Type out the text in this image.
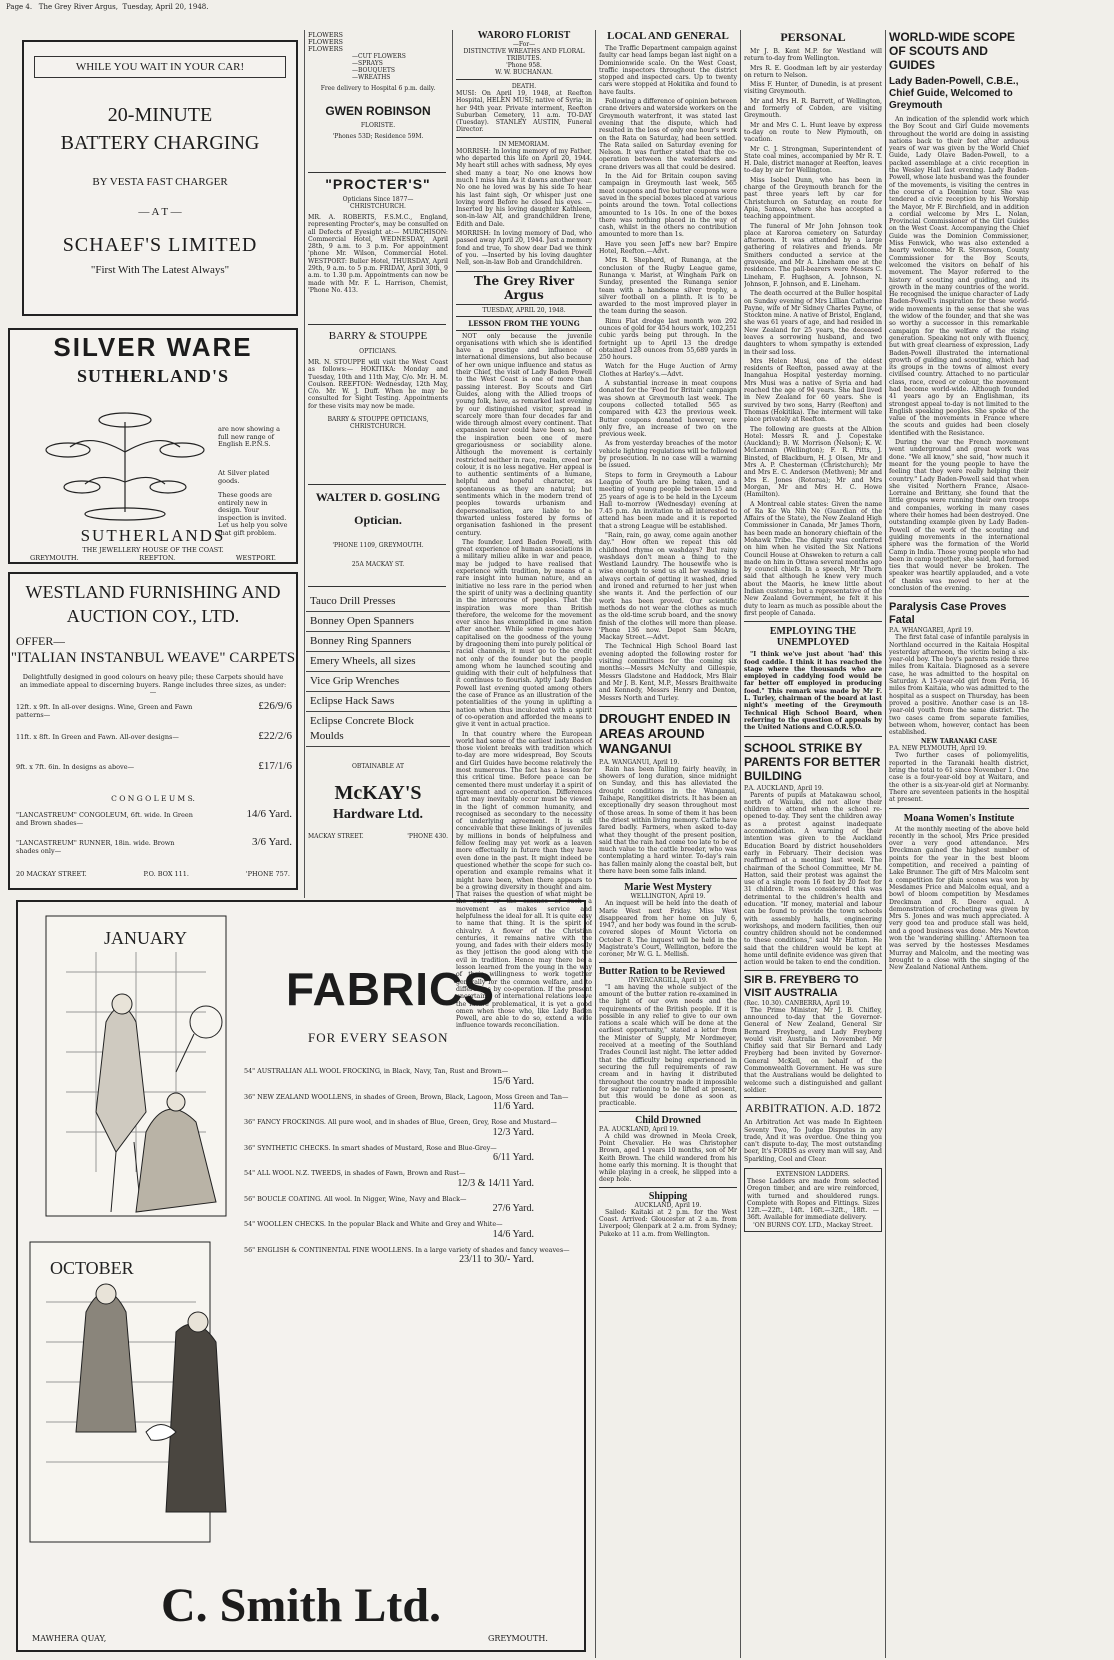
Page 4. The Grey River Argus, Tuesday, April 20, 1948.
WHILE YOU WAIT IN YOUR CAR!
20-MINUTE
BATTERY CHARGING
BY VESTA FAST CHARGER
— A T —
SCHAEF'S LIMITED
"First With The Latest Always"
SILVER WARE
SUTHERLAND'S
are now showing a full new range of English E.P.N.S.
At Silver plated goods.
These goods are entirely new in design. Your inspection is invited. Let us help you solve that gift problem.
SUTHERLANDS
THE JEWELLERY HOUSE OF THE COAST.
GREYMOUTH.	REEFTON.	WESTPORT.
WESTLAND FURNISHING AND
AUCTION COY., LTD.
OFFER—
"ITALIAN INSTANBUL WEAVE" CARPETS
Delightfully designed in good colours on heavy pile; these Carpets should have an immediate appeal to discerning buyers. Range includes three sizes, as under:—
12ft. x 9ft. In all-over designs. Wine, Green and Fawn patterns—
£26/9/6
11ft. x 8ft. In Green and Fawn. All-over designs—	£22/2/6
9ft. x 7ft. 6in. In designs as above—	£17/1/6
C O N G O L E U M S.
"LANCASTREUM" CONGOLEUM, 6ft. wide. In Green and Brown shades—
14/6 Yard.
"LANCASTREUM" RUNNER, 18in. wide. Brown shades only—
3/6 Yard.
20 MACKAY STREET.	P.O. BOX 111.	'PHONE 757.
JANUARY
OCTOBER
FABRICS
FOR EVERY SEASON
54" AUSTRALIAN ALL WOOL FROCKING, in Black, Navy, Tan, Rust and Brown—
15/6 Yard.
36" NEW ZEALAND WOOLLENS, in shades of Green, Brown, Black, Lagoon, Moss Green and Tan—
11/6 Yard.
36" FANCY FROCKINGS. All pure wool, and in shades of Blue, Green, Grey, Rose and Mustard—
12/3 Yard.
36" SYNTHETIC CHECKS. In smart shades of Mustard, Rose and Blue-Grey—
6/11 Yard.
54" ALL WOOL N.Z. TWEEDS, in shades of Fawn, Brown and Rust—
12/3 & 14/11 Yard.
56" BOUCLE COATING. All wool. In Nigger, Wine, Navy and Black—
27/6 Yard.
54" WOOLLEN CHECKS. In the popular Black and White and Grey and White—
14/6 Yard.
56" ENGLISH & CONTINENTAL FINE WOOLLENS. In a large variety of shades and fancy weaves—
23/11 to 30/- Yard.
C. Smith Ltd.
MAWHERA QUAY,	GREYMOUTH.
FLOWERS
FLOWERS
FLOWERS
—CUT FLOWERS
—SPRAYS
—BOUQUETS
—WREATHS
Free delivery to Hospital 6 p.m. daily.
GWEN ROBINSON
FLORISTE.
'Phones 53D; Residence 59M.
"PROCTER'S"
Opticians Since 1877—
CHRISTCHURCH.
MR. A. ROBERTS, F.S.M.C., England, representing Procter's, may be consulted on all Defects of Eyesight at:— MURCHISON: Commercial Hotel, WEDNESDAY, April 28th, 9 a.m. to 3 p.m. For appointment 'phone Mr. Wilson, Commercial Hotel. WESTPORT: Buller Hotel, THURSDAY, April 29th, 9 a.m. to 5 p.m. FRIDAY, April 30th, 9 a.m. to 1.30 p.m. Appointments can now be made with Mr. F. L. Harrison, Chemist, 'Phone No. 413.
BARRY & STOUPPE
OPTICIANS.
MR. N. STOUPPE will visit the West Coast as follows:— HOKITIKA: Monday and Tuesday, 10th and 11th May, C/o. Mr. H. M. Coulson. REEFTON: Wednesday, 12th May, C/o. Mr. W. J. Duff. When he may be consulted for Sight Testing. Appointments for these visits may now be made.
BARRY & STOUPPE OPTICIANS, CHRISTCHURCH.
WALTER D. GOSLING
Optician.
'PHONE 1109, GREYMOUTH.
25A MACKAY ST.
Tauco Drill Presses
Bonney Open Spanners
Bonney Ring Spanners
Emery Wheels, all sizes
Vice Grip Wrenches
Eclipse Hack Saws
Eclipse Concrete Block Moulds
OBTAINABLE AT
McKAY'S
Hardware Ltd.
MACKAY STREET.	'PHONE 430.
WARORO FLORIST
—For—
DISTINCTIVE WREATHS AND FLORAL TRIBUTES.
'Phone 958.
W. W. BUCHANAN.
DEATH.
MUSI: On April 19, 1948, at Reefton Hospital, HELEN MUSI; native of Syria; in her 94th year. Private interment, Reefton Suburban Cemetery, 11 a.m. TO-DAY (Tuesday). STANLEY AUSTIN, Funeral Director.
IN MEMORIAM.
MORRISH: In loving memory of my Father, who departed this life on April 20, 1944. My heart still aches with sadness, My eyes shed many a tear, No one knows how much I miss him As it dawns another year. No one he loved was by his side To hear his last faint sigh, Or whisper just one loving word Before he closed his eyes. —Inserted by his loving daughter Kathleen, son-in-law Alf, and grandchildren Irene, Edith and Dale.
MORRISH: In loving memory of Dad, who passed away April 20, 1944. Just a memory fond and true, To show dear Dad we think of you. —Inserted by his loving daughter Nell, son-in-law Bob and Grandchildren.
The Grey River Argus
TUESDAY, APRIL 20, 1948.
LESSON FROM THE YOUNG
NOT only because the juvenile organisations with which she is identified have a prestige and influence of international dimensions, but also because of her own unique influence and status as their Chief, the visit of Lady Baden Powell to the West Coast is one of more than passing interest. Boy Scouts and Girl Guides, along with the Allied troops of young folk, have, as remarked last evening by our distinguished visitor, spread in scarcely more than four decades far and wide through almost every continent. That expansion never could have been so, had the inspiration been one of mere gregariousness or sociability alone. Although the movement is certainly restricted neither in race, realm, creed nor colour, it is no less negative. Her appeal is to authentic sentiments of a humane, helpful and hopeful character, as spontaneous as they are natural; but sentiments which in the modern trend of peoples towards urbanism and depersonalisation, are liable to be thwarted unless fostered by forms of organisation fashioned in the present century.
The founder, Lord Baden Powell, with great experience of human associations in a military milieu alike in war and peace, may be judged to have realised that experience with tradition, by means of a rare insight into human nature, and an initiative no less rare in the period when the spirit of unity was a declining quantity in the intercourse of peoples. That the inspiration was more than British therefore, the welcome for the movement ever since has exemplified in one nation after another. While some regimes have capitalised on the goodness of the young by dragooning them into purely political or racial channels, it must go to the credit not only of the founder but the people among whom he launched scouting and guiding with their cult of helpfulness that it continues to flourish. Aptly Lady Baden Powell last evening quoted among others the case of France as an illustration of the potentialities of the young in uplifting a nation when thus inculcated with a spirit of co-operation and afforded the means to give it vent in actual practice.
In that country where the European world had some of the earliest instances of those violent breaks with tradition which to-day are more widespread, Boy Scouts and Girl Guides have become relatively the most numerous. The fact has a lesson for this critical time. Before peace can be cemented there must underlay it a spirit of agreement and co-operation. Differences that may inevitably occur must be viewed in the light of common humanity, and recognised as secondary to the necessity of underlying agreement. It is still conceivable that these linkings of juveniles by millions in bonds of helpfulness and fellow feeling may yet work as a leaven more effectually in future than they have even done in the past. It might indeed be questioned whether the scope for such co-operation and example remains what it might have been, when there appears to be a growing diversity in thought and aim. That raises the question of what might be the core or the essence of such a movement as makes service and helpfulness the ideal for all. It is quite easy to name that thing. It is the spirit of chivalry. A flower of the Christian centuries, it remains native with the young, and fades with their elders mostly as they jettison the good along with the evil in tradition. Hence may there be a lesson learned from the young in the way of their willingness to work together generally for the common welfare, and to differences by co-operation. If the present uncertainty of international relations leave the future problematical, it is yet a good omen when those who, like Lady Baden Powell, are able to do so, extend a wide influence towards reconciliation.
LOCAL AND GENERAL
The Traffic Department campaign against faulty car head lamps began last night on a Dominionwide scale. On the West Coast, traffic inspectors throughout the district stopped and inspected cars. Up to twenty cars were stopped at Hokitika and found to have faults.
Following a difference of opinion between crane drivers and waterside workers on the Greymouth waterfront, it was stated last evening that the dispute, which had resulted in the loss of only one hour's work on the Rata on Saturday, had been settled. The Rata sailed on Saturday evening for Nelson. It was further stated that the co-operation between the watersiders and crane drivers was all that could be desired.
In the Aid for Britain coupon saving campaign in Greymouth last week, 565 meat coupons and five butter coupons were saved in the special boxes placed at various points around the town. Total collections amounted to 1s 10s. In one of the boxes there was nothing placed in the way of cash, whilst in the others no contribution amounted to more than 1s.
Have you seen Jeff's new bar? Empire Hotel, Reefton.—Advt.
Mrs R. Shepherd, of Runanga, at the conclusion of the Rugby League game, Runanga v. Marist, at Wingham Park on Sunday, presented the Runanga senior team with a handsome silver trophy, a silver football on a plinth. It is to be awarded to the most improved player in the team during the season.
Rimu Flat dredge last month won 292 ounces of gold for 454 hours work, 102,251 cubic yards being put through. In the fortnight up to April 13 the dredge obtained 128 ounces from 55,689 yards in 250 hours.
Watch for the Huge Auction of Army Clothes at Harley's.—Advt.
A substantial increase in meat coupons donated for the 'Food for Britain' campaign was shown at Greymouth last week. The coupons collected totalled 565 as compared with 423 the previous week. Butter coupons donated however, were only five, an increase of two on the previous week.
As from yesterday breaches of the motor vehicle lighting regulations will be followed by prosecution. In no case will a warning be issued.
Steps to form in Greymouth a Labour League of Youth are being taken, and a meeting of young people between 15 and 25 years of age is to be held in the Lyceum Hall to-morrow (Wednesday) evening at 7.45 p.m. An invitation to all interested to attend has been made and it is reported that a strong League will be established.
"Rain, rain, go away, come again another day." How often we repeat this old childhood rhyme on washdays? But rainy washdays don't mean a thing to the Westland Laundry. The housewife who is wise enough to send us all her washing is always certain of getting it washed, dried and ironed and returned to her just when she wants it. And the perfection of our work has been proved. Our scientific methods do not wear the clothes as much as the old-time scrub board, and the snowy finish of the clothes will more than please. 'Phone 136 now. Depot Sam McArn, Mackay Street.—Advt.
The Technical High School Board last evening adopted the following roster for visiting committees for the coming six months:—Messrs McNulty and Gillespie, Messrs Gladstone and Haddock, Mrs Blair and Mr J. B. Kent, M.P., Messrs Braithwaite and Kennedy, Messrs Henry and Denton, Messrs North and Turley.
DROUGHT ENDED IN AREAS AROUND WANGANUI
P.A. WANGANUI, April 19.
Rain has been falling fairly heavily, in showers of long duration, since midnight on Sunday, and this has alleviated the drought conditions in the Wanganui, Taihape, Rangitikei districts. It has been an exceptionally dry season throughout most of those areas. In some of them it has been the driest within living memory. Cattle have fared badly. Farmers, when asked to-day what they thought of the present position, said that the rain had come too late to be of much value to the cattle breeder, who was contemplating a hard winter. To-day's rain has fallen mainly along the coastal belt, but there have been some falls inland.
Marie West Mystery
WELLINGTON, April 19.
An inquest will be held into the death of Marie West next Friday. Miss West disappeared from her home on July 6, 1947, and her body was found in the scrub-covered slopes of Mount Victoria on October 8. The inquest will be held in the Magistrate's Court, Wellington, before the coroner, Mr W. G. L. Mellish.
Butter Ration to be Reviewed
INVERCARGILL, April 19.
"I am having the whole subject of the amount of the butter ration re-examined in the light of our own needs and the requirements of the British people. If it is possible in any relief to give to our own rations a scale which will be done at the earliest opportunity," stated a letter from the Minister of Supply, Mr Nordmeyer, received at a meeting of the Southland Trades Council last night. The letter added that the difficulty being experienced in securing the full requirements of raw cream and in having it distributed throughout the country made it impossible for sugar rationing to be lifted at present, but this would be done as soon as practicable.
Child Drowned
P.A. AUCKLAND, April 19.
A child was drowned in Meola Creek, Point Chevalier. He was Christopher Brown, aged 1 years 10 months, son of Mr Keith Brown. The child wandered from his home early this morning. It is thought that while playing in a creek, he slipped into a deep hole.
Shipping
AUCKLAND, April 19.
Sailed: Kaitaki at 2 p.m. for the West Coast. Arrived: Gloucester at 2 a.m. from Liverpool; Glenpark at 2 a.m. from Sydney; Pukeko at 11 a.m. from Wellington.
PERSONAL
Mr J. B. Kent M.P. for Westland will return to-day from Wellington.
Mrs R. E. Goodman left by air yesterday on return to Nelson.
Miss F. Hunter, of Dunedin, is at present visiting Greymouth.
Mr and Mrs H. R. Barrett, of Wellington, and formerly of Cobden, are visiting Greymouth.
Mr and Mrs C. L. Hunt leave by express to-day on route to New Plymouth, on vacation.
Mr C. J. Strongman, Superintendent of State coal mines, accompanied by Mr R. T. H. Dale, district manager at Reefton, leaves to-day by air for Wellington.
Miss Isobel Dunn, who has been in charge of the Greymouth branch for the past three years left by car for Christchurch on Saturday, en route for Apia, Samoa, where she has accepted a teaching appointment.
The funeral of Mr John Johnson took place at Karoroa cemetery on Saturday afternoon. It was attended by a large gathering of relatives and friends. Mr Smithers conducted a service at the graveside, and Mr A. Lineham one at the residence. The pall-bearers were Messrs C. Lineham, F. Hughson, A. Johnson, N. Johnson, F. Johnson, and E. Lineham.
The death occurred at the Buller hospital on Sunday evening of Mrs Lillian Catherine Payne, wife of Mr Sidney Charles Payne, of Stockton mine. A native of Bristol, England, she was 61 years of age, and had resided in New Zealand for 25 years, the deceased leaves a sorrowing husband, and two daughters to whom sympathy is extended in their sad loss.
Mrs Helen Musi, one of the oldest residents of Reefton, passed away at the Inangahua Hospital yesterday morning. Mrs Musi was a native of Syria and had reached the age of 94 years. She had lived in New Zealand for 60 years. She is survived by two sons, Harry (Reefton) and Thomas (Hokitika). The interment will take place privately at Reefton.
The following are guests at the Albion Hotel: Messrs R. and J. Copestake (Auckland); B. W. Morrison (Nelson); K. W. McLennan (Wellington); F. R. Pitts, J. Binsted, of Blackburn, H. J. Olsen, Mr and Mrs A. P. Chesterman (Christchurch); Mr and Mrs E. C. Anderson (Methven); Mr and Mrs E. Jones (Rotorua); Mr and Mrs Morgan, Mr and Mrs H. C. Howe (Hamilton).
A Montreal cable states: Given the name of Ra Ke Wa Nih Ne (Guardian of the Affairs of the State), the New Zealand High Commissioner in Canada, Mr James Thorn, has been made an honorary chieftain of the Mohawk Tribe. The dignity was conferred on him when he visited the Six Nations Council House at Ohsweken to return a call made on him in Ottawa several months ago by council chiefs. In a speech, Mr Thorn said that although he knew very much about the Maoris, he knew little about Indian customs; but a representative of the New Zealand Government, he felt it his duty to learn as much as possible about the first people of Canada.
EMPLOYING THE UNEMPLOYED
"I think we've just about 'had' this food caddie. I think it has reached the stage where the thousands who are employed in caddying food would be far better off employed in producing food." This remark was made by Mr F. L. Turley, chairman of the board at last night's meeting of the Greymouth Technical High School Board, when referring to the question of appeals by the United Nations and C.O.R.S.O.
SCHOOL STRIKE BY PARENTS FOR BETTER BUILDING
P.A. AUCKLAND, April 19.
Parents of pupils at Matakawau school, north of Waiuku, did not allow their children to attend when the school re-opened to-day. They sent the children away as a protest against inadequate accommodation. A warning of their intention was given to the Auckland Education Board by district householders early in February. Their decision was reaffirmed at a meeting last week. The chairman of the School Committee, Mr M. Hatton, said their protest was against the use of a single room 16 feet by 20 feet for 31 children. It was considered this was detrimental to the children's health and education. "If money, material and labour can be found to provide the town schools with assembly halls, engineering workshops, and modern facilities, then our country children should not be condemned to these conditions," said Mr Hatton. He said that the children would be kept at home until definite evidence was given that action would be taken to end the condition.
SIR B. FREYBERG TO VISIT AUSTRALIA
(Rec. 10.30). CANBERRA, April 19.
The Prime Minister, Mr J. B. Chifley, announced to-day that the Governor-General of New Zealand, General Sir Bernard Freyberg, and Lady Freyberg would visit Australia in November. Mr Chifley said that Sir Bernard and Lady Freyberg had been invited by Governor-General McKell, on behalf of the Commonwealth Government. He was sure that the Australians would be delighted to welcome such a distinguished and gallant soldier.
ARBITRATION. A.D. 1872
An Arbitration Act was made In Eighteen Seventy Two, To Judge Disputes in any trade, And it was overdue. One thing you can't dispute to-day, The most outstanding beer, It's FORDS as every man will say, And Sparkling, Cool and Clear.
EXTENSION LADDERS.
These Ladders are made from selected Oregon timber, and are wire reinforced, with turned and shouldered rungs. Complete with Ropes and Fittings. Sizes 12ft.—22ft., 14ft. 16ft.—32ft., 18ft. — 36ft. Available for immediate delivery.
'ON BURNS COY. LTD., Mackay Street.
WORLD-WIDE SCOPE OF SCOUTS AND GUIDES
Lady Baden-Powell, C.B.E., Chief Guide, Welcomed to Greymouth
An indication of the splendid work which the Boy Scout and Girl Guide movements throughout the world are doing in assisting nations back to their feet after arduous years of war was given by the World Chief Guide, Lady Olave Baden-Powell, to a packed assemblage at a civic reception in the Wesley Hall last evening. Lady Baden-Powell, whose late husband was the founder of the movements, is visiting the centres in the course of a Dominion tour. She was tendered a civic reception by his Worship the Mayor, Mr F. Birchfield, and in addition a cordial welcome by Mrs L. Nolan, Provincial Commissioner of the Girl Guides on the West Coast. Accompanying the Chief Guide was the Dominion Commissioner, Miss Fenwick, who was also extended a hearty welcome. Mr R. Stevenson, County Commissioner for the Boy Scouts, welcomed the visitors on behalf of his movement. The Mayor referred to the history of scouting and guiding, and its growth in the many countries of the world. He recognised the unique character of Lady Baden-Powell's inspiration for these world-wide movements in the sense that she was the widow of the founder, and that she was so worthy a successor in this remarkable campaign for the welfare of the rising generation. Speaking not only with fluency, but with great clearness of expression, Lady Baden-Powell illustrated the international growth of guiding and scouting, which had its groups in the towns of almost every civilised country. Attached to no particular class, race, creed or colour, the movement had become world-wide. Although founded 41 years ago by an Englishman, its strongest appeal to-day is not limited to the English speaking peoples. She spoke of the value of the movements in France where the scouts and guides had been closely identified with the Resistance.
During the war the French movement went underground and great work was done. "We all know," she said, "how much it meant for the young people to have the feeling that they were really helping their country." Lady Baden-Powell said that when she visited Northern France, Alsace-Lorraine and Brittany, she found that the little groups were running their own troops and companies, working in many cases where their homes had been destroyed. One outstanding example given by Lady Baden-Powell of the work of the scouting and guiding movements in the international sphere was the formation of the World Camp in India. Those young people who had been in camp together, she said, had formed ties that would never be broken. The speaker was heartily applauded, and a vote of thanks was moved to her at the conclusion of the evening.
Paralysis Case Proves Fatal
P.A. WHANGAREI, April 19.
The first fatal case of infantile paralysis in Northland occurred in the Kaitaia Hospital yesterday afternoon, the victim being a six-year-old boy. The boy's parents reside three miles from Kaitaia. Diagnosed as a severe case, he was admitted to the hospital on Saturday. A 15-year-old girl from Peria, 16 miles from Kaitaia, who was admitted to the hospital as a suspect on Thursday, has been proved a positive. Another case is an 18-year-old youth from the same district. The two cases came from separate families, between whom, however, contact has been established.
NEW TARANAKI CASE
P.A. NEW PLYMOUTH, April 19.
Two further cases of poliomyelitis, reported in the Taranaki health district, bring the total to 61 since November 1. One case is a four-year-old boy at Waitara, and the other is a six-year-old girl at Normanby. There are seventeen patients in the hospital at present.
Moana Women's Institute
At the monthly meeting of the above held recently in the school, Mrs Price presided over a very good attendance. Mrs Dreckman gained the highest number of points for the year in the best bloom competition, and received a painting of Lake Brunner. The gift of Mrs Malcolm sent a competition for plain scones was won by Mesdames Price and Malcolm equal, and a bowl of bloom competition by Mesdames Dreckman and R. Deere equal. A demonstration of crocheting was given by Mrs S. Jones and was much appreciated. A very good tea and produce stall was held, and a good business was done. Mrs Newton won the 'wandering shilling.' Afternoon tea was served by the hostesses Mesdames Murray and Malcolm, and the meeting was brought to a close with the singing of the New Zealand National Anthem.
